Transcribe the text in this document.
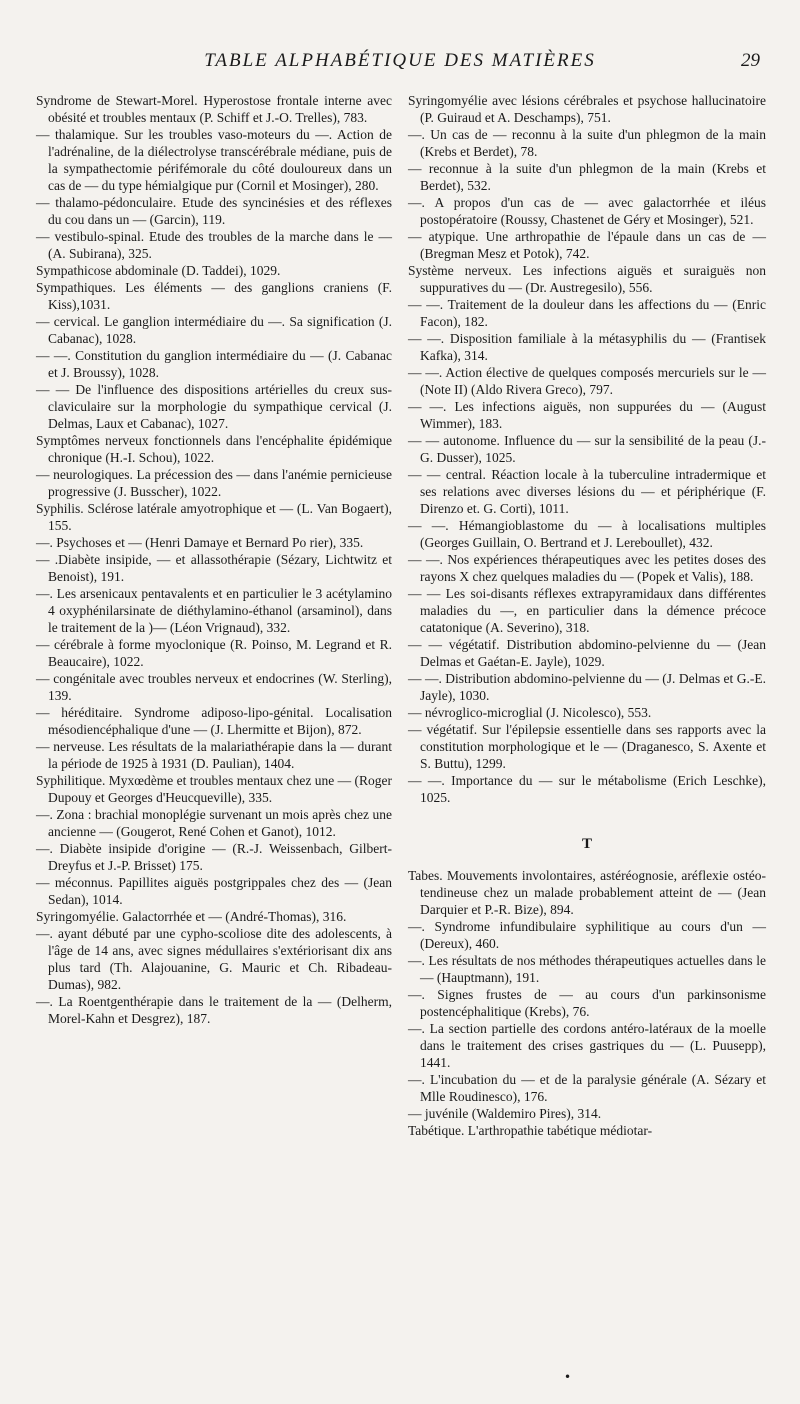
TABLE ALPHABÉTIQUE DES MATIÈRES	29

Syndrome de Stewart-Morel. Hyperostose frontale interne avec obésité et troubles mentaux (P. Schiff et J.-O. Trelles), 783.

— thalamique. Sur les troubles vaso-moteurs du —. Action de l'adrénaline, de la diélectrolyse transcérébrale médiane, puis de la sympathectomie périfémorale du côté douloureux dans un cas de — du type hémialgique pur (Cornil et Mosinger), 280.

— thalamo-pédonculaire. Etude des syncinésies et des réflexes du cou dans un — (Garcin), 119.

— vestibulo-spinal. Etude des troubles de la marche dans le — (A. Subirana), 325.

Sympathicose abdominale (D. Taddei), 1029.

Sympathiques. Les éléments — des ganglions craniens (F. Kiss),1031.

— cervical. Le ganglion intermédiaire du —. Sa signification (J. Cabanac), 1028.

— —. Constitution du ganglion intermédiaire du — (J. Cabanac et J. Broussy), 1028.

— — De l'influence des dispositions artérielles du creux sus-claviculaire sur la morphologie du sympathique cervical (J. Delmas, Laux et Cabanac), 1027.

Symptômes nerveux fonctionnels dans l'encéphalite épidémique chronique (H.-I. Schou), 1022.

— neurologiques. La précession des — dans l'anémie pernicieuse progressive (J. Busscher), 1022.

Syphilis. Sclérose latérale amyotrophique et — (L. Van Bogaert), 155.

—. Psychoses et — (Henri Damaye et Bernard Po rier), 335.

— .Diabète insipide, — et allassothérapie (Sézary, Lichtwitz et Benoist), 191.

—. Les arsenicaux pentavalents et en particulier le 3 acétylamino 4 oxyphénilarsinate de diéthylamino-éthanol (arsaminol), dans le traitement de la )— (Léon Vrignaud), 332.

— cérébrale à forme myoclonique (R. Poinso, M. Legrand et R. Beaucaire), 1022.

— congénitale avec troubles nerveux et endocrines (W. Sterling), 139.

— héréditaire. Syndrome adiposo-lipo-génital. Localisation mésodiencéphalique d'une — (J. Lhermitte et Bijon), 872.

— nerveuse. Les résultats de la malariathérapie dans la — durant la période de 1925 à 1931 (D. Paulian), 1404.

Syphilitique. Myxœdème et troubles mentaux chez une — (Roger Dupouy et Georges d'Heucqueville), 335.

—. Zona : brachial monoplégie survenant un mois après chez une ancienne — (Gougerot, René Cohen et Ganot), 1012.

—. Diabète insipide d'origine — (R.-J. Weissenbach, Gilbert-Dreyfus et J.-P. Brisset) 175.

— méconnus. Papillites aiguës postgrippales chez des — (Jean Sedan), 1014.

Syringomyélie. Galactorrhée et — (André-Thomas), 316.

—. ayant débuté par une cypho-scoliose dite des adolescents, à l'âge de 14 ans, avec signes médullaires s'extériorisant dix ans plus tard (Th. Alajouanine, G. Mauric et Ch. Ribadeau-Dumas), 982.

—. La Roentgenthérapie dans le traitement de la — (Delherm, Morel-Kahn et Desgrez), 187.

Syringomyélie avec lésions cérébrales et psychose hallucinatoire (P. Guiraud et A. Deschamps), 751.

—. Un cas de — reconnu à la suite d'un phlegmon de la main (Krebs et Berdet), 78.

— reconnue à la suite d'un phlegmon de la main (Krebs et Berdet), 532.

—. A propos d'un cas de — avec galactorrhée et iléus postopératoire (Roussy, Chastenet de Géry et Mosinger), 521.

— atypique. Une arthropathie de l'épaule dans un cas de — (Bregman Mesz et Potok), 742.

Système nerveux. Les infections aiguës et suraiguës non suppuratives du — (Dr. Austregesilo), 556.

— —. Traitement de la douleur dans les affections du — (Enric Facon), 182.

— —. Disposition familiale à la métasyphilis du — (Frantisek Kafka), 314.

— —. Action élective de quelques composés mercuriels sur le — (Note II) (Aldo Rivera Greco), 797.

— —. Les infections aiguës, non suppurées du — (August Wimmer), 183.

— — autonome. Influence du — sur la sensibilité de la peau (J.-G. Dusser), 1025.

— — central. Réaction locale à la tuberculine intradermique et ses relations avec diverses lésions du — et périphérique (F. Direnzo et. G. Corti), 1011.

— —. Hémangioblastome du — à localisations multiples (Georges Guillain, O. Bertrand et J. Lereboullet), 432.

— —. Nos expériences thérapeutiques avec les petites doses des rayons X chez quelques maladies du — (Popek et Valis), 188.

— — Les soi-disants réflexes extrapyramidaux dans différentes maladies du —, en particulier dans la démence précoce catatonique (A. Severino), 318.

— — végétatif. Distribution abdomino-pelvienne du — (Jean Delmas et Gaétan-E. Jayle), 1029.

— —. Distribution abdomino-pelvienne du — (J. Delmas et G.-E. Jayle), 1030.

— névroglico-microglial (J. Nicolesco), 553.

— végétatif. Sur l'épilepsie essentielle dans ses rapports avec la constitution morphologique et le — (Draganesco, S. Axente et S. Buttu), 1299.

— —. Importance du — sur le métabolisme (Erich Leschke), 1025.

T

Tabes. Mouvements involontaires, astéréognosie, aréflexie ostéo-tendineuse chez un malade probablement atteint de — (Jean Darquier et P.-R. Bize), 894.

—. Syndrome infundibulaire syphilitique au cours d'un — (Dereux), 460.

—. Les résultats de nos méthodes thérapeutiques actuelles dans le — (Hauptmann), 191.

—. Signes frustes de — au cours d'un parkinsonisme postencéphalitique (Krebs), 76.

—. La section partielle des cordons antéro-latéraux de la moelle dans le traitement des crises gastriques du — (L. Puusepp), 1441.

—. L'incubation du — et de la paralysie générale (A. Sézary et Mlle Roudinesco), 176.

— juvénile (Waldemiro Pires), 314.

Tabétique. L'arthropathie tabétique médiotar-

•
